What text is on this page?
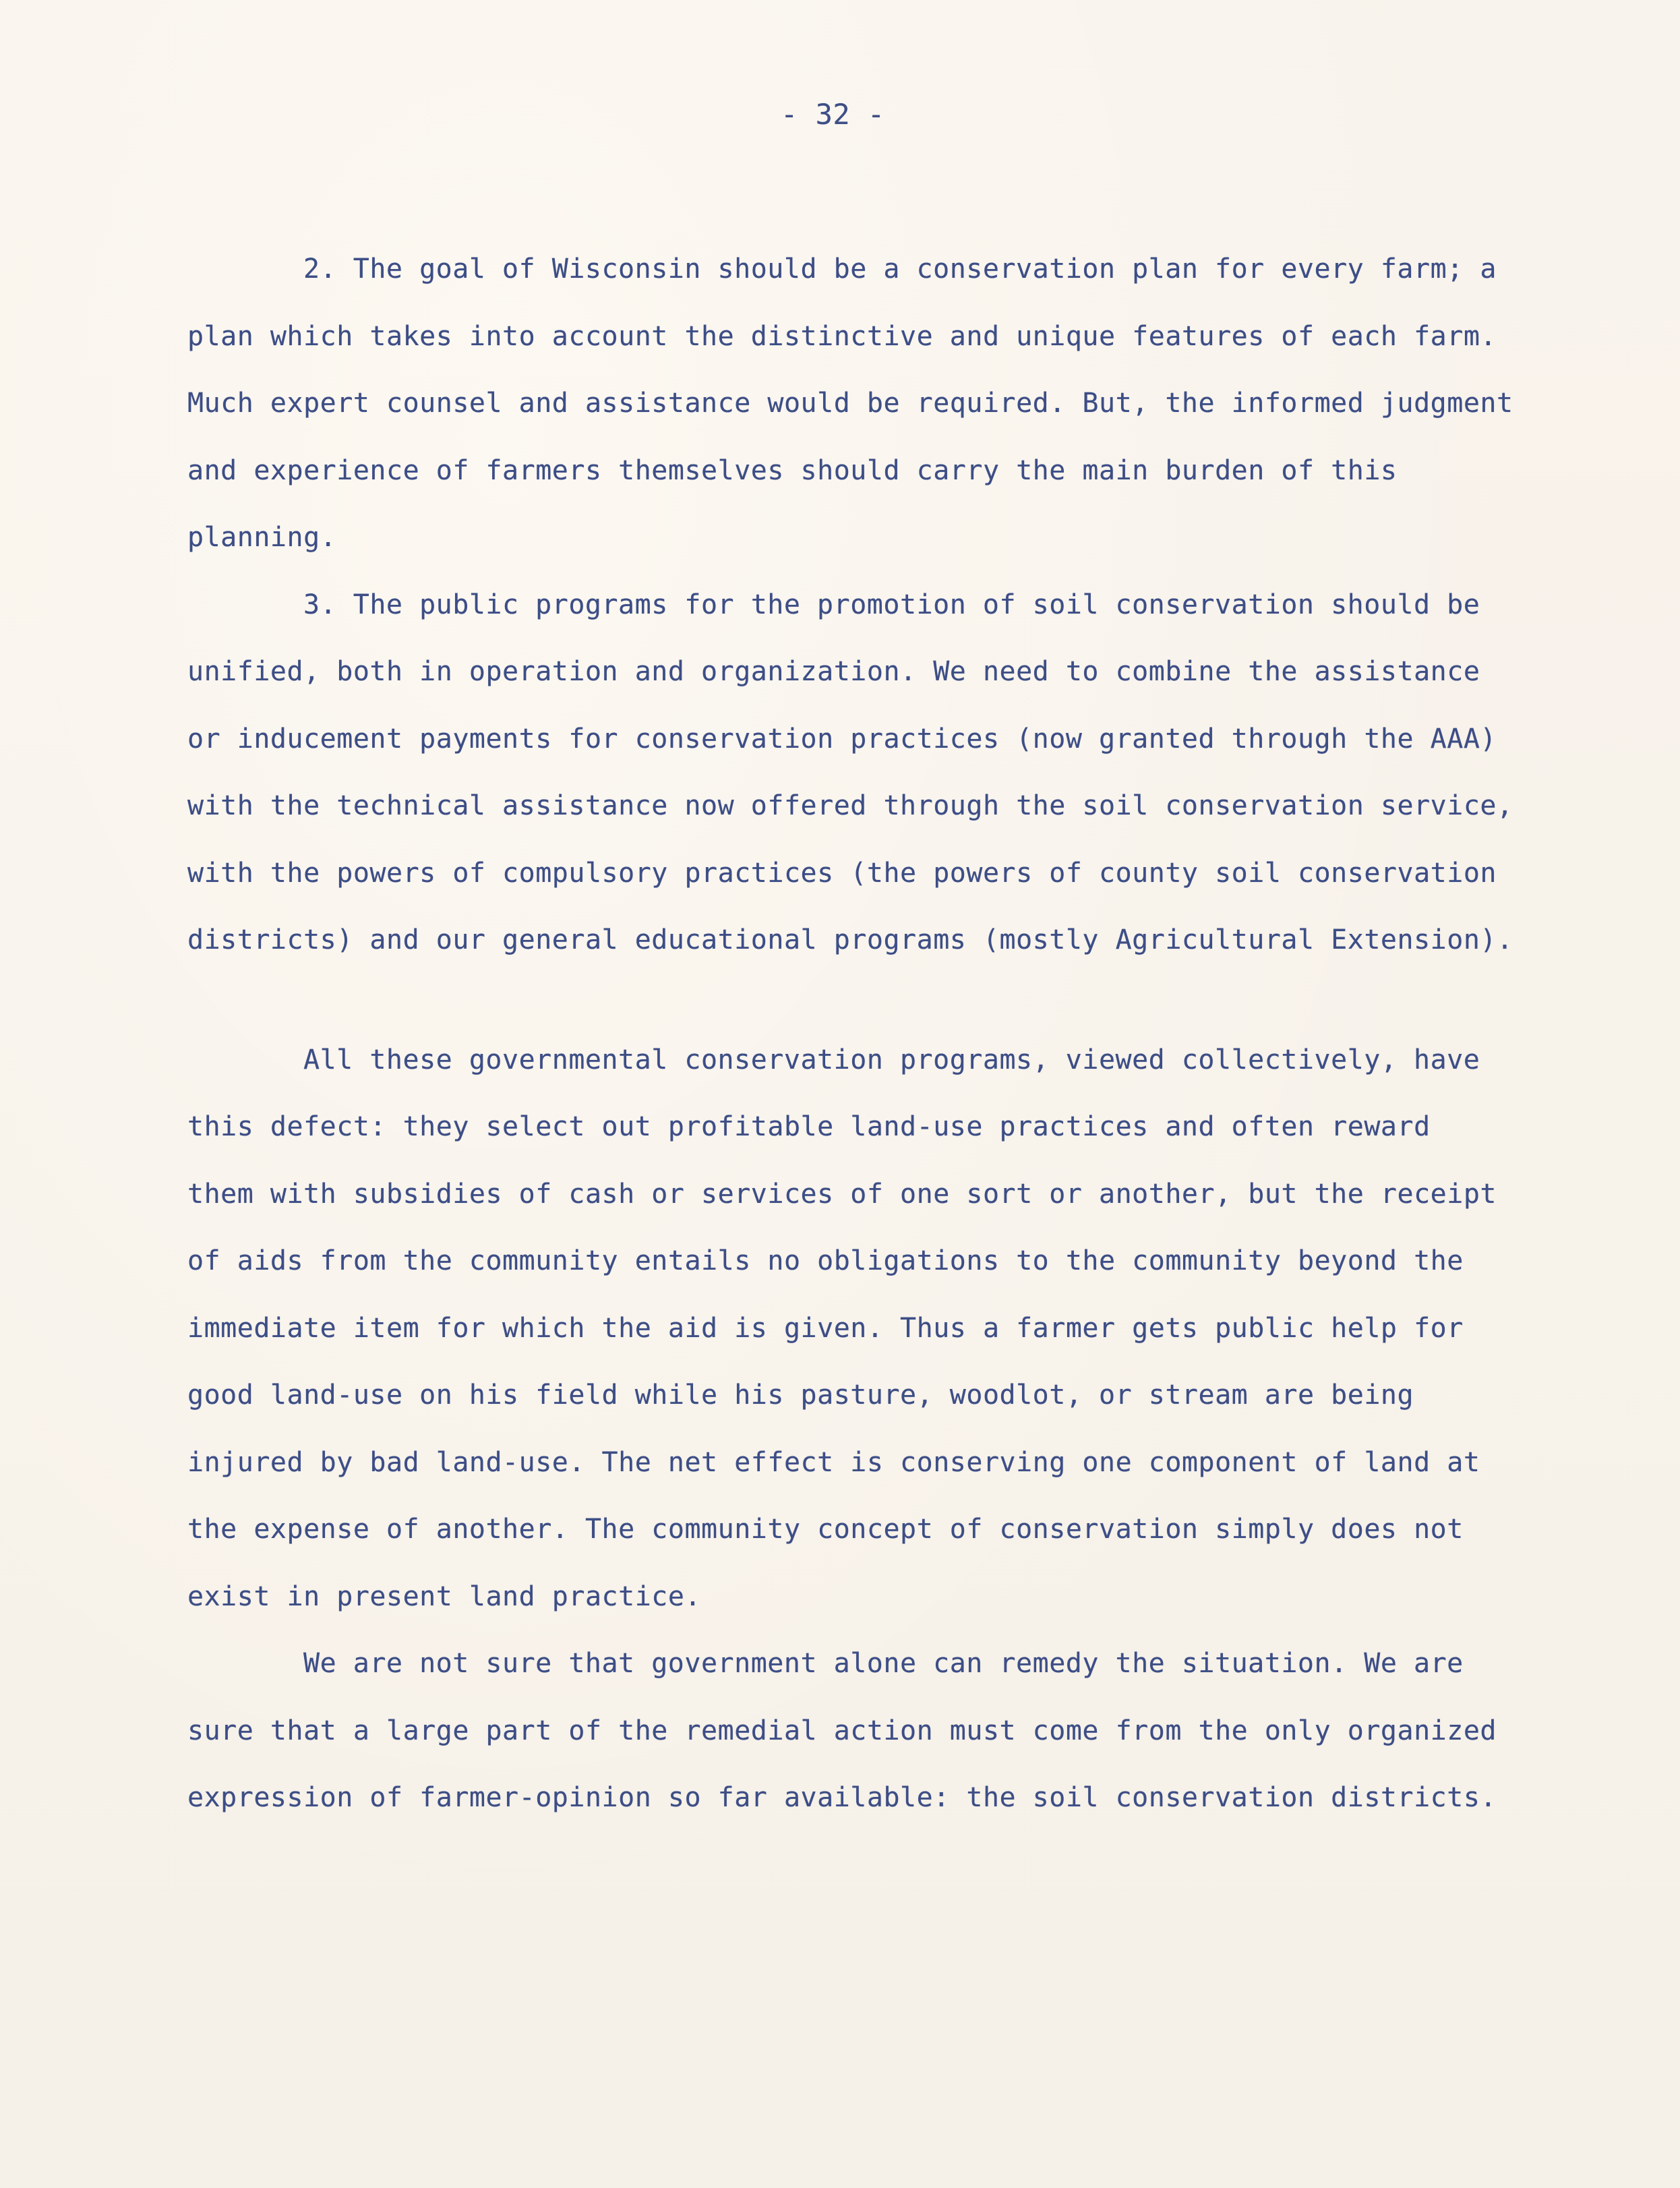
- 32 -
2. The goal of Wisconsin should be a conservation plan for every farm; a
plan which takes into account the distinctive and unique features of each farm.
Much expert counsel and assistance would be required. But, the informed judgment
and experience of farmers themselves should carry the main burden of this
planning.
3. The public programs for the promotion of soil conservation should be
unified, both in operation and organization. We need to combine the assistance
or inducement payments for conservation practices (now granted through the AAA)
with the technical assistance now offered through the soil conservation service,
with the powers of compulsory practices (the powers of county soil conservation
districts) and our general educational programs (mostly Agricultural Extension).
All these governmental conservation programs, viewed collectively, have
this defect: they select out profitable land-use practices and often reward
them with subsidies of cash or services of one sort or another, but the receipt
of aids from the community entails no obligations to the community beyond the
immediate item for which the aid is given. Thus a farmer gets public help for
good land-use on his field while his pasture, woodlot, or stream are being
injured by bad land-use. The net effect is conserving one component of land at
the expense of another. The community concept of conservation simply does not
exist in present land practice.
We are not sure that government alone can remedy the situation. We are
sure that a large part of the remedial action must come from the only organized
expression of farmer-opinion so far available: the soil conservation districts.
